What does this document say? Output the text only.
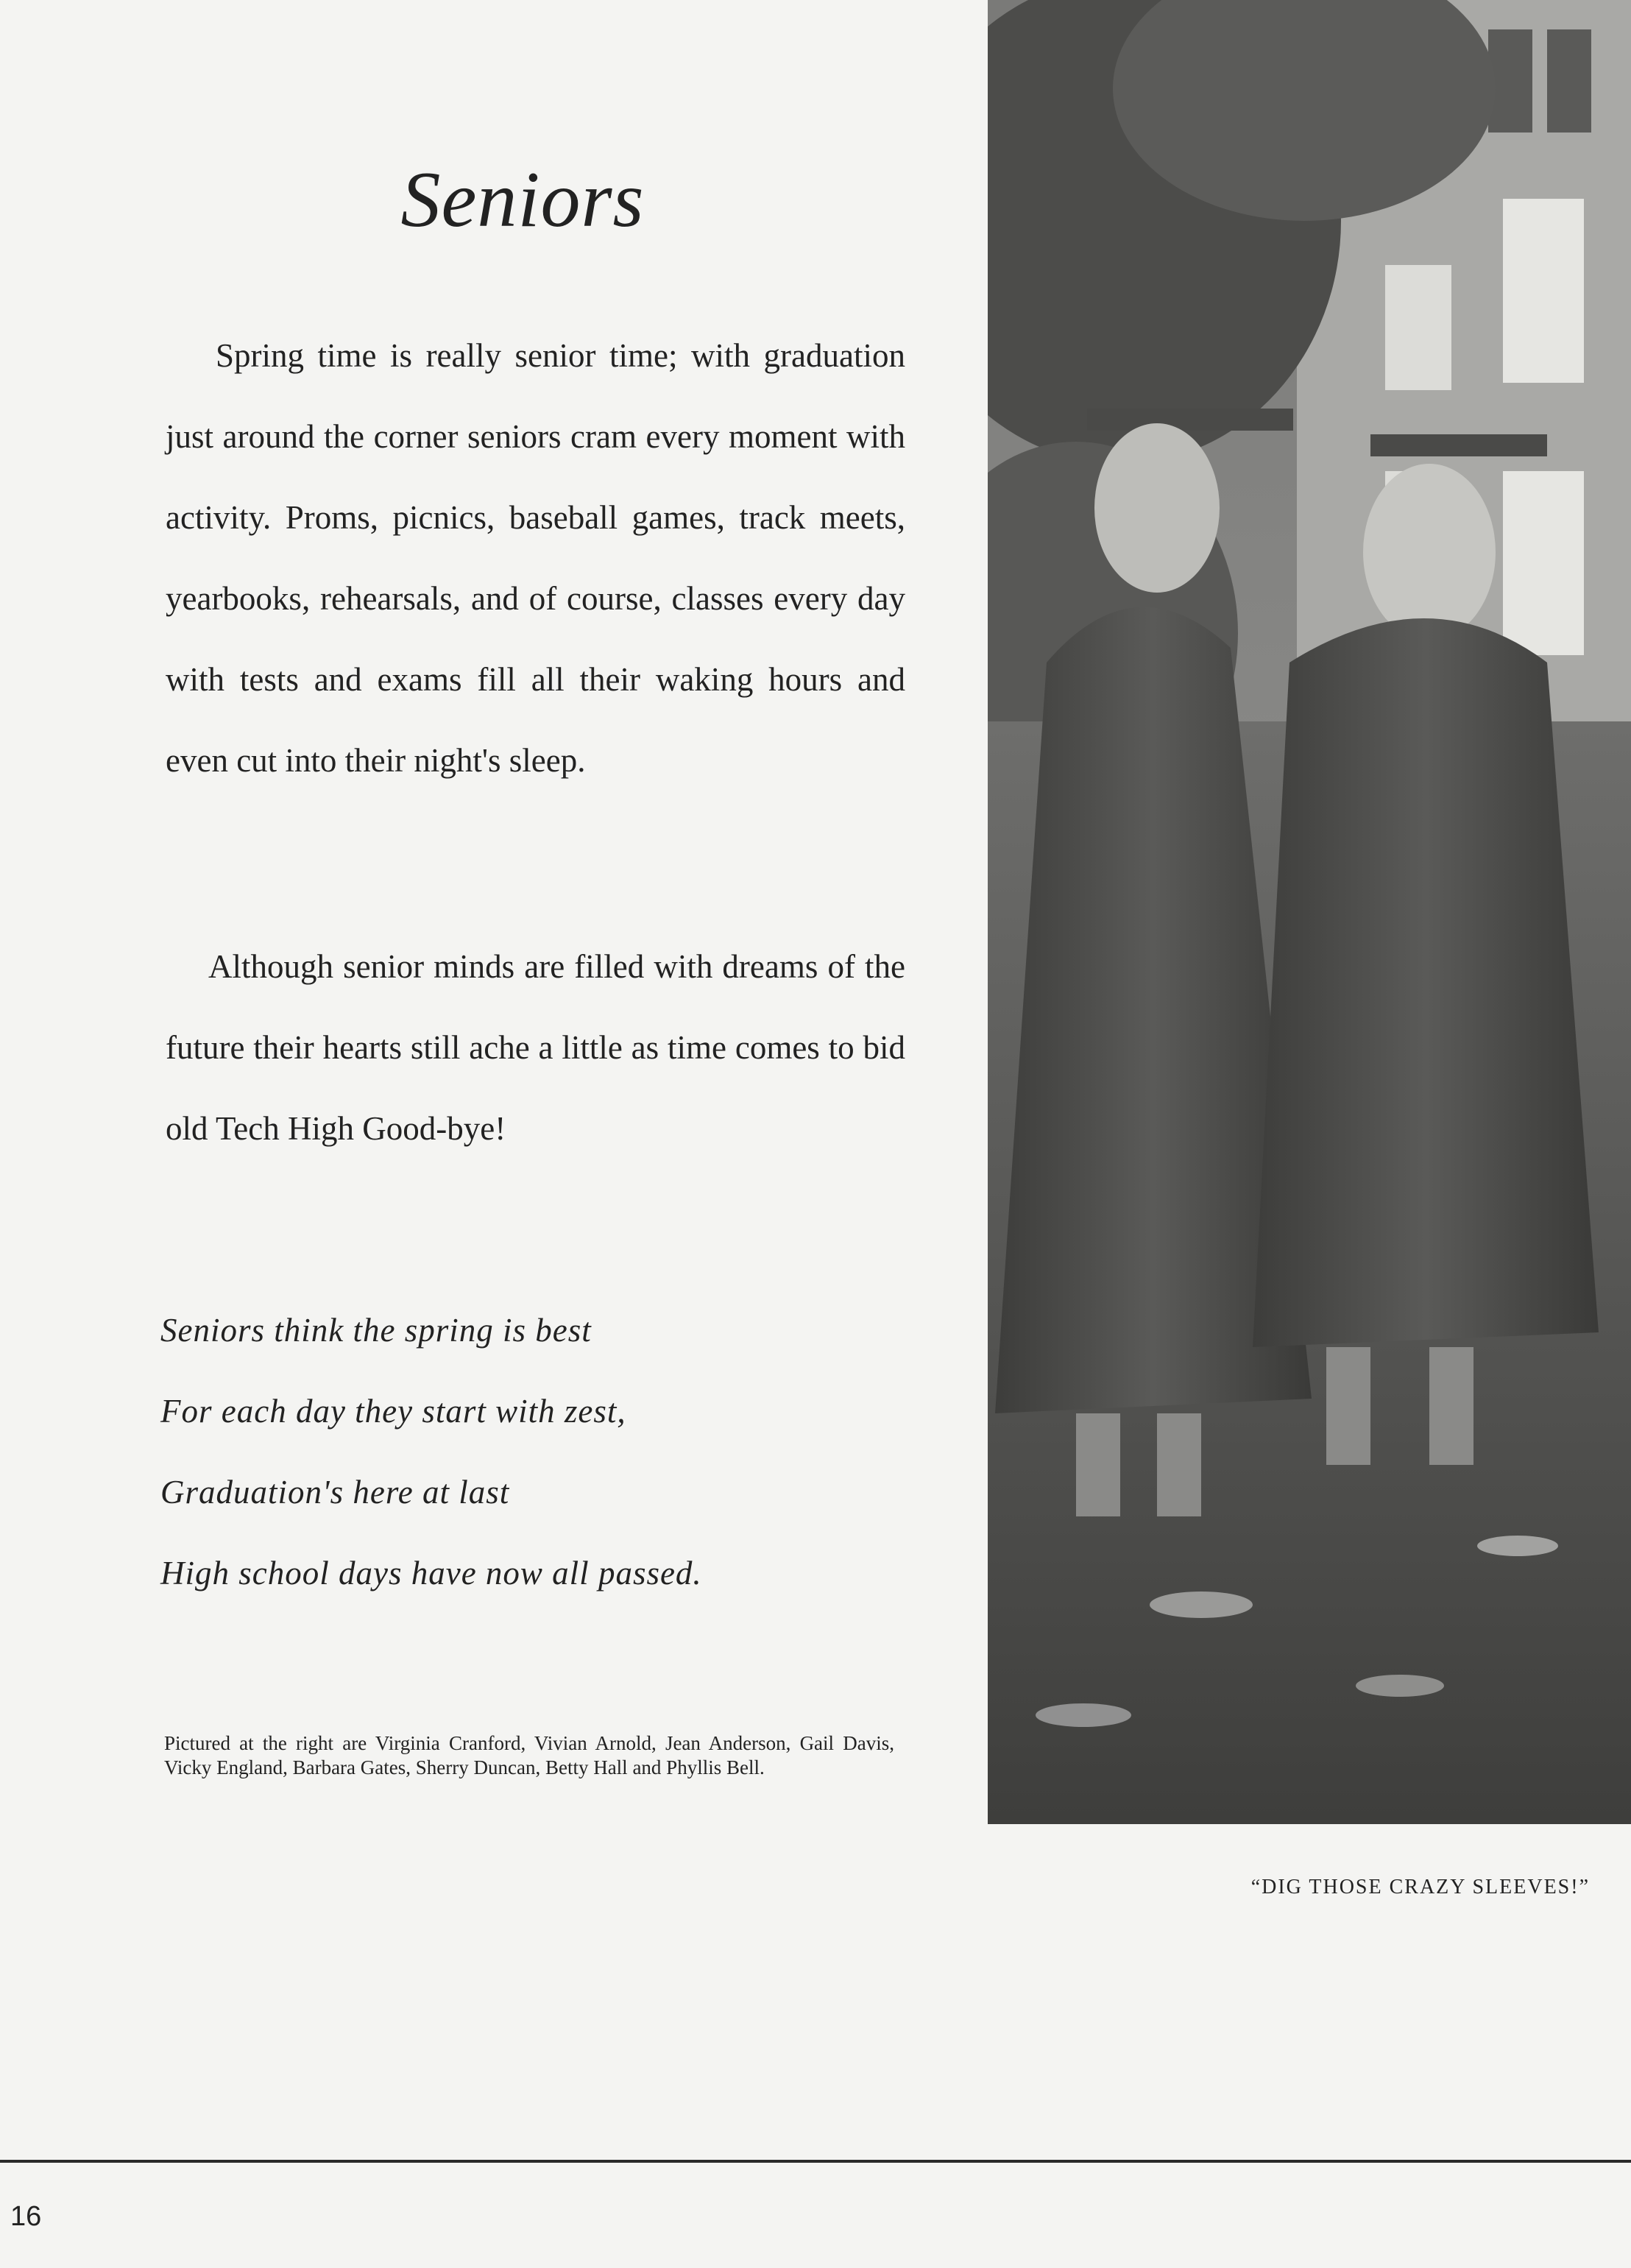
Seniors

Spring time is really senior time; with graduation just around the corner seniors cram every moment with activity. Proms, picnics, baseball games, track meets, yearbooks, rehearsals, and of course, classes every day with tests and exams fill all their waking hours and even cut into their night's sleep.

Although senior minds are filled with dreams of the future their hearts still ache a little as time comes to bid old Tech High Good-bye!

Seniors think the spring is best
For each day they start with zest,
Graduation's here at last
High school days have now all passed.
Pictured at the right are Virginia Cranford, Vivian Arnold, Jean Anderson, Gail Davis, Vicky England, Barbara Gates, Sherry Duncan, Betty Hall and Phyllis Bell.
“DIG THOSE CRAZY SLEEVES!”
16
